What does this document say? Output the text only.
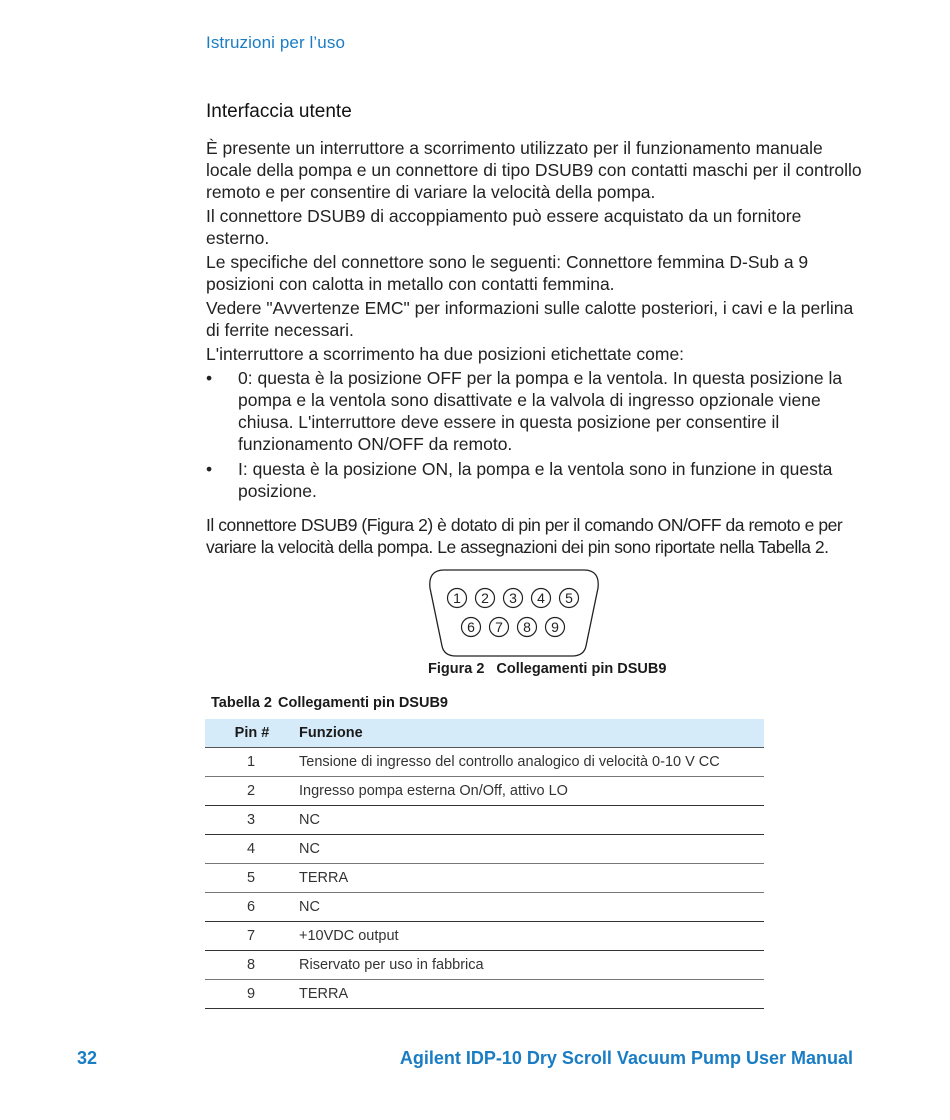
Istruzioni per l’uso
Interfaccia utente

È presente un interruttore a scorrimento utilizzato per il funzionamento manuale locale della pompa e un connettore di tipo DSUB9 con contatti maschi per il controllo remoto e per consentire di variare la velocità della pompa.

Il connettore DSUB9 di accoppiamento può essere acquistato da un fornitore esterno.

Le specifiche del connettore sono le seguenti: Connettore femmina D-Sub a 9 posizioni con calotta in metallo con contatti femmina.

Vedere "Avvertenze EMC" per informazioni sulle calotte posteriori, i cavi e la perlina di ferrite necessari.

L'interruttore a scorrimento ha due posizioni etichettate come:

• 0: questa è la posizione OFF per la pompa e la ventola. In questa posizione la pompa e la ventola sono disattivate e la valvola di ingresso opzionale viene chiusa. L'interruttore deve essere in questa posizione per consentire il funzionamento ON/OFF da remoto.
• I: questa è la posizione ON, la pompa e la ventola sono in funzione in questa posizione.

Il connettore DSUB9 (Figura 2) è dotato di pin per il comando ON/OFF da remoto e per variare la velocità della pompa. Le assegnazioni dei pin sono riportate nella Tabella 2.

1 2 3 4 5
6 7 8 9
Figura 2 Collegamenti pin DSUB9
Tabella 2 Collegamenti pin DSUB9
Pin #	Funzione
1	Tensione di ingresso del controllo analogico di velocità 0-10 V CC
2	Ingresso pompa esterna On/Off, attivo LO
3	NC
4	NC
5	TERRA
6	NC
7	+10VDC output
8	Riservato per uso in fabbrica
9	TERRA
32	Agilent IDP-10 Dry Scroll Vacuum Pump User Manual
